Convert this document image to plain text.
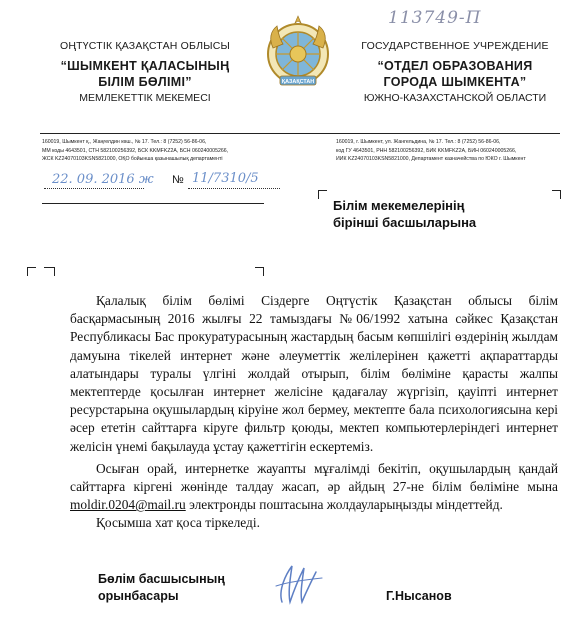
113749-П
ОҢТҮСТІК ҚАЗАҚСТАН ОБЛЫСЫ
“ШЫМКЕНТ ҚАЛАСЫНЫҢ
БІЛІМ БӨЛІМІ”
МЕМЛЕКЕТТІК МЕКЕМЕСІ
ҚАЗАҚСТАН
ГОСУДАРСТВЕННОЕ УЧРЕЖДЕНИЕ
“ОТДЕЛ ОБРАЗОВАНИЯ
ГОРОДА ШЫМКЕНТА”
ЮЖНО-КАЗАХСТАНСКОЙ ОБЛАСТИ
160019, Шымкент қ., Жаңғелдин көш., № 17. Тел.: 8 (7252) 56-86-06,
ММ коды 4643501, СТН 582100256392, БСК KKMFKZ2A, БСН 060240005266,
ЖСК KZ24070103KSN5821000, ОҚО бойынша қазынашылық департаменті
160019, г. Шымкент, ул. Жангельдина, № 17. Тел.: 8 (7252) 56-86-06,
код ГУ 4643501, РНН 582100256392, БИК KKMFKZ2A, БИН 060240005266,
ИИК KZ24070103KSN5821000, Департамент казначейства по ЮКО г. Шымкент
22. 09. 2016 ж № 11/7310/5
Білім мекемелерінің
бірінші басшыларына

Қалалық білім бөлімі Сіздерге Оңтүстік Қазақстан облысы білім басқармасының 2016 жылғы 22 тамыздағы №06/1992 хатына сәйкес Қазақстан Республикасы Бас прокуратурасының жастардың басым көпшілігі өздерінің жылдам дамуына тікелей интернет және әлеуметтік желілерінен қажетті ақпараттарды алатындары туралы үлгіні жолдай отырып, білім бөліміне қарасты жалпы мектептерде қосылған интернет желісіне қадағалау жүргізіп, қауіпті интернет ресурстарына оқушылардың кіруіне жол бермеу, мектепте бала психологиясына кері әсер ететін сайттарға кіруге фильтр қоюды, мектеп компьютерлеріндегі интернет желісін үнемі бақылауда ұстау қажеттігін ескертеміз.

Осыған орай, интернетке жауапты мұғалімді бекітіп, оқушылардың қандай сайттарға кіргені жөнінде талдау жасап, әр айдың 27-не білім бөліміне мына moldir.0204@mail.ru электронды поштасына жолдауларыңызды міндеттейд.

Қосымша хат қоса тіркеледі.

Бөлім басшысының
орынбасары	Г.Нысанов
